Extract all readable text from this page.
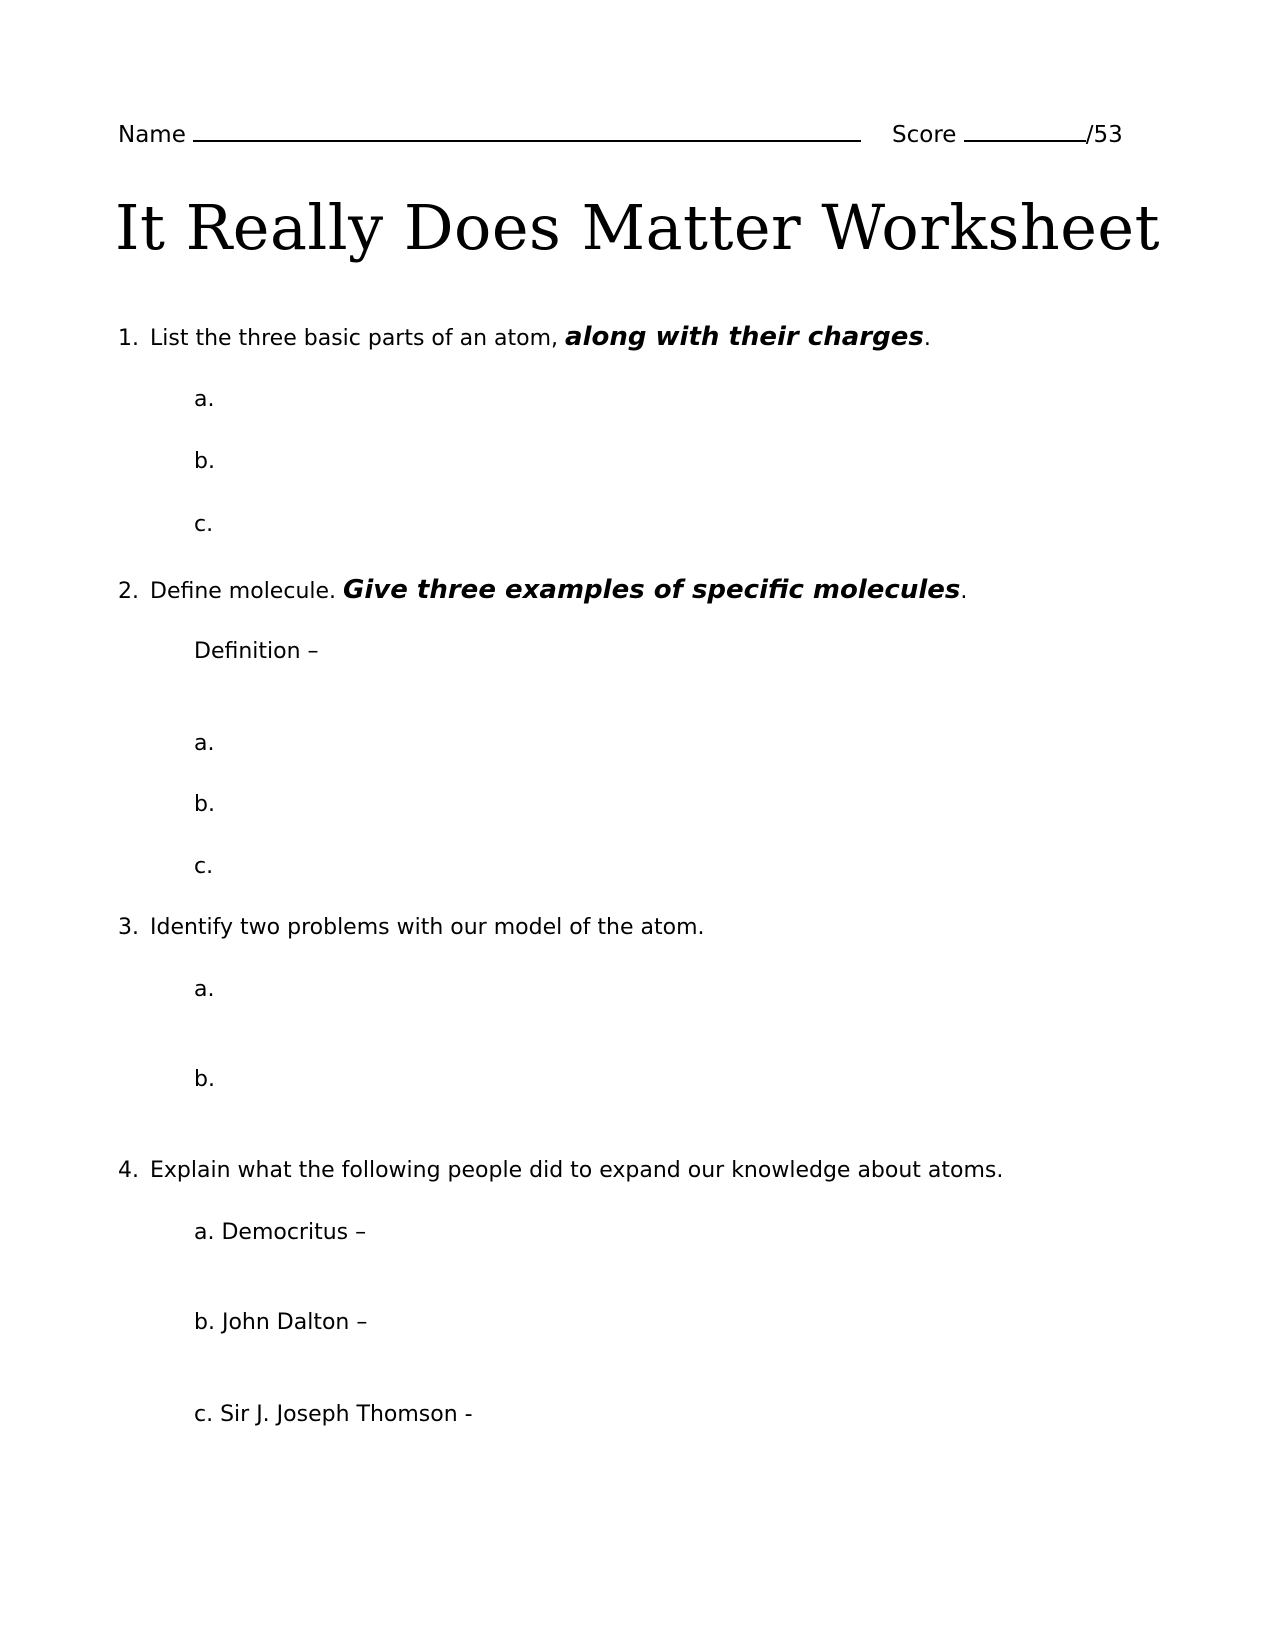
Name	Score	/53
It Really Does Matter Worksheet
1. List the three basic parts of an atom, along with their charges.
a.
b.
c.
2. Define molecule. Give three examples of specific molecules.
Definition –
a.
b.
c.
3. Identify two problems with our model of the atom.
a.
b.
4. Explain what the following people did to expand our knowledge about atoms.
a. Democritus –
b. John Dalton –
c. Sir J. Joseph Thomson -
